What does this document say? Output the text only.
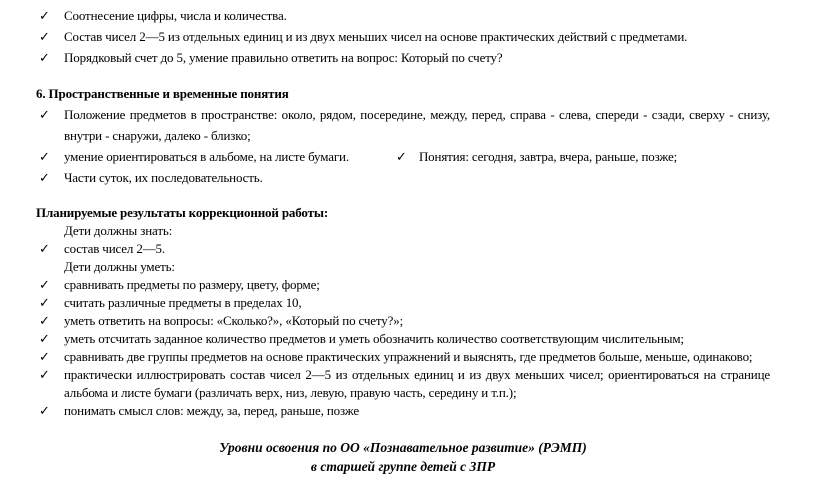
✓	Соотнесение цифры, числа и количества.
✓	Состав чисел 2—5 из отдельных единиц и из двух меньших чисел на основе практических действий с предметами.
✓	Порядковый счет до 5, умение правильно ответить на вопрос: Который по счету?
6. Пространственные и временные понятия
✓	Положение предметов в пространстве: около, рядом, посередине, между, перед, справа - слева, спереди - сзади, сверху - снизу, внутри - снаружи, далеко - близко;
✓	умение ориентироваться в альбоме, на листе бумаги.	✓ Понятия: сегодня, завтра, вчера, раньше, позже;
✓	Части суток, их последовательность.
Планируемые результаты коррекционной работы:
Дети должны знать:
✓	состав чисел 2—5.
Дети должны уметь:
✓	сравнивать предметы по размеру, цвету, форме;
✓	считать различные предметы в пределах 10,
✓	уметь ответить на вопросы: «Сколько?», «Который по счету?»;
✓	уметь отсчитать заданное количество предметов и уметь обозначить количество соответствующим числительным;
✓	сравнивать две группы предметов на основе практических упражнений и выяснять, где предметов больше, меньше, одинаково;
✓	практически иллюстрировать состав чисел 2—5 из отдельных единиц и из двух меньших чисел; ориентироваться на странице альбома и листе бумаги (различать верх, низ, левую, правую часть, середину и т.п.);
✓	понимать смысл слов: между, за, перед, раньше, позже
Уровни освоения по ОО «Познавательное развитие» (РЭМП)
в старшей группе детей с ЗПР
